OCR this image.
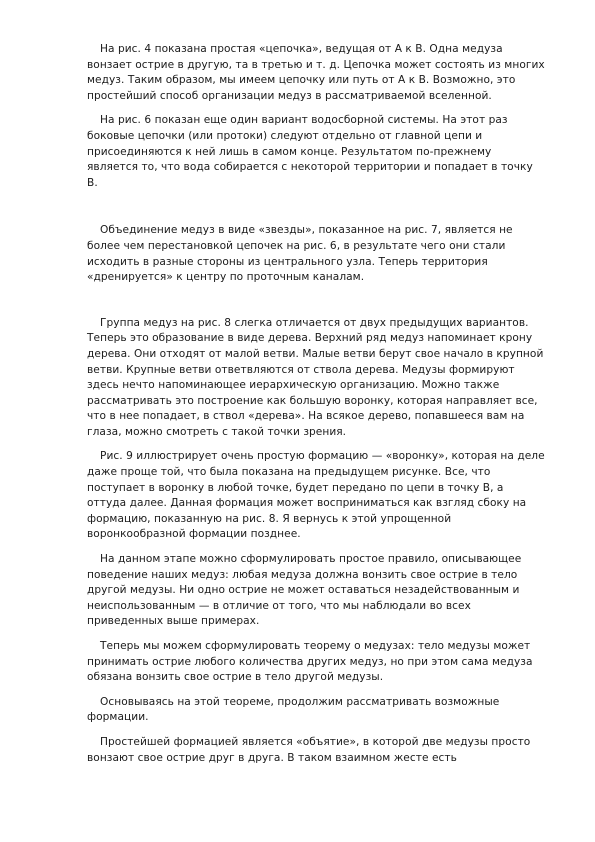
На рис. 4 показана простая «цепочка», ведущая от А к В. Одна медуза вонзает острие в другую, та в третью и т. д. Цепочка может состоять из многих медуз. Таким образом, мы имеем цепочку или путь от А к В. Возможно, это простейший способ организации медуз в рассматриваемой вселенной.

На рис. 6 показан еще один вариант водосборной системы. На этот раз боковые цепочки (или протоки) следуют отдельно от главной цепи и присоединяются к ней лишь в самом конце. Результатом по-прежнему является то, что вода собирается с некоторой территории и попадает в точку В.

Объединение медуз в виде «звезды», показанное на рис. 7, является не более чем перестановкой цепочек на рис. 6, в результате чего они стали исходить в разные стороны из центрального узла. Теперь территория «дренируется» к центру по проточным каналам.

Группа медуз на рис. 8 слегка отличается от двух предыдущих вариантов. Теперь это образование в виде дерева. Верхний ряд медуз напоминает крону дерева. Они отходят от малой ветви. Малые ветви берут свое начало в крупной ветви. Крупные ветви ответвляются от ствола дерева. Медузы формируют здесь нечто напоминающее иерархическую организацию. Можно также рассматривать это построение как большую воронку, которая направляет все, что в нее попадает, в ствол «дерева». На всякое дерево, попавшееся вам на глаза, можно смотреть с такой точки зрения.

Рис. 9 иллюстрирует очень простую формацию — «воронку», которая на деле даже проще той, что была показана на предыдущем рисунке. Все, что поступает в воронку в любой точке, будет передано по цепи в точку В, а оттуда далее. Данная формация может восприниматься как взгляд сбоку на формацию, показанную на рис. 8. Я вернусь к этой упрощенной воронкообразной формации позднее.

На данном этапе можно сформулировать простое правило, описывающее поведение наших медуз: любая медуза должна вонзить свое острие в тело другой медузы. Ни одно острие не может оставаться незадействованным и неиспользованным — в отличие от того, что мы наблюдали во всех приведенных выше примерах.

Теперь мы можем сформулировать теорему о медузах: тело медузы может принимать острие любого количества других медуз, но при этом сама медуза обязана вонзить свое острие в тело другой медузы.

Основываясь на этой теореме, продолжим рассматривать возможные формации.

Простейшей формацией является «объятие», в которой две медузы просто вонзают свое острие друг в друга. В таком взаимном жесте есть
